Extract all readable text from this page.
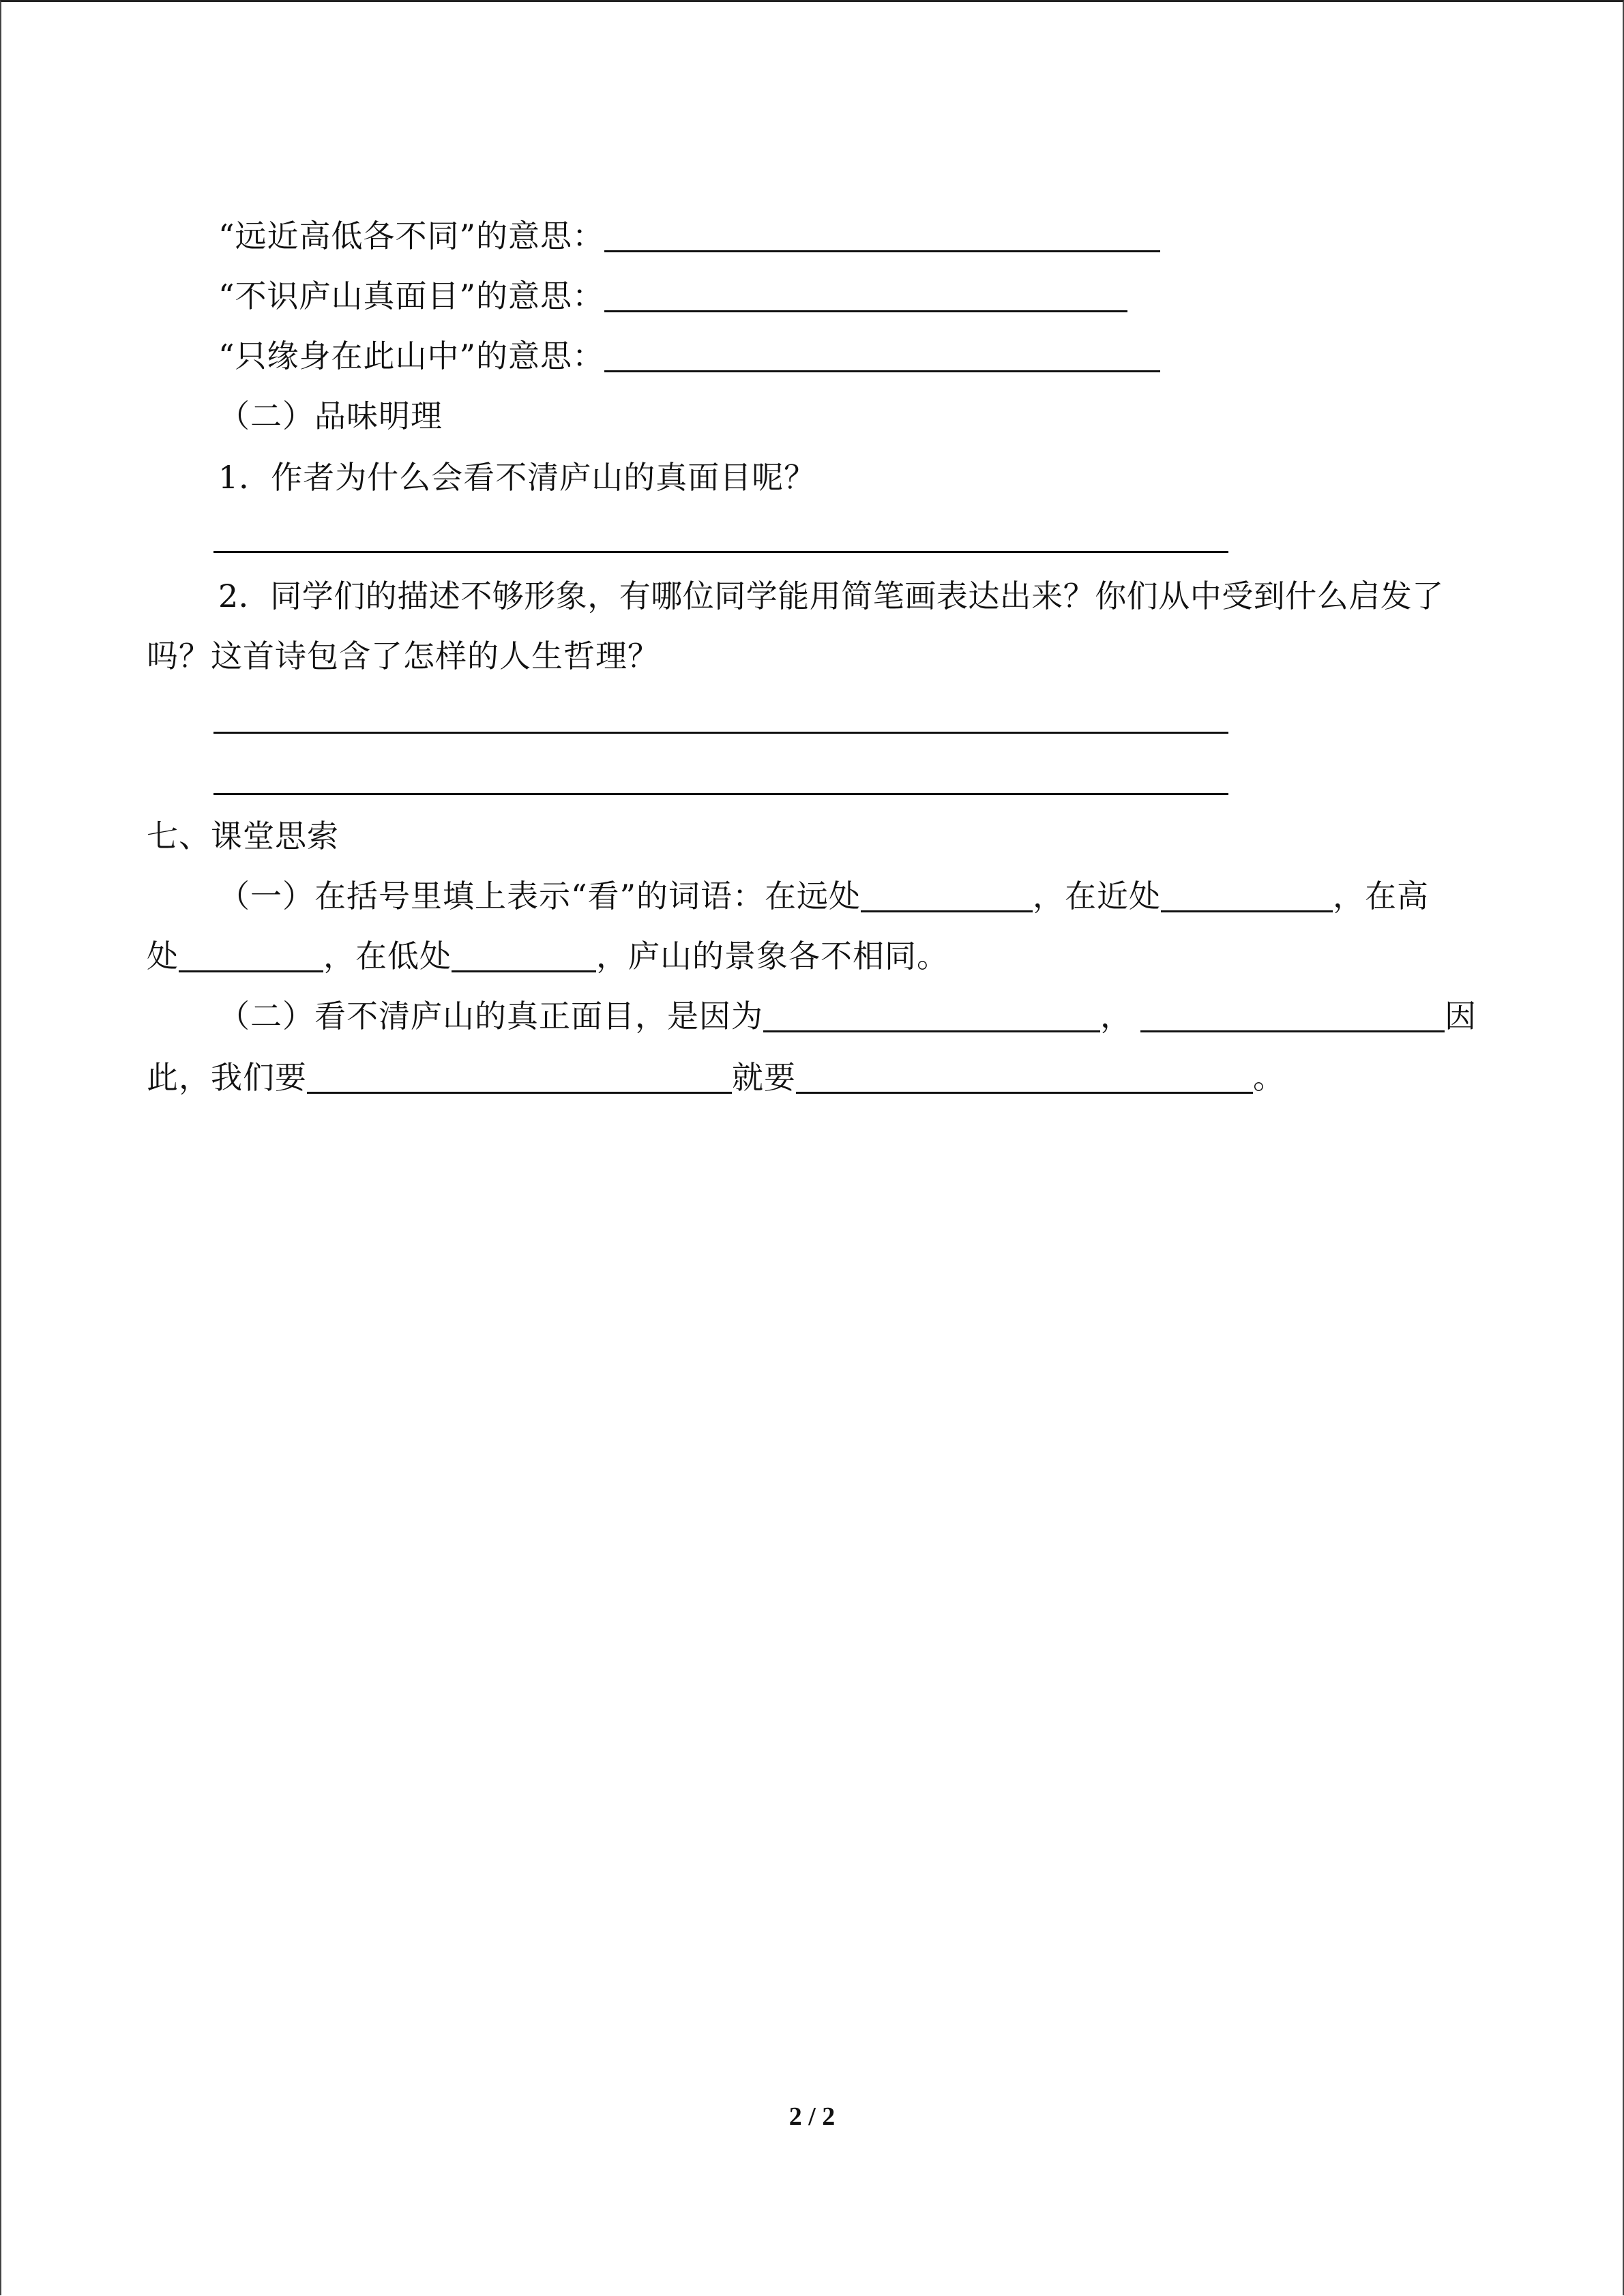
“远近高低各不同”的意思：
“不识庐山真面目”的意思：
“只缘身在此山中”的意思：
（二）品味明理
1．作者为什么会看不清庐山的真面目呢？
2．同学们的描述不够形象，有哪位同学能用简笔画表达出来？你们从中受到什么启发了
吗？这首诗包含了怎样的人生哲理？
七、课堂思索
（一）在括号里填上表示“看”的词语：在远处	，在近处	，在高
处	，在低处	，庐山的景象各不相同。
（二）看不清庐山的真正面目，是因为	，	因
此，我们要	就要	。
2 / 2
